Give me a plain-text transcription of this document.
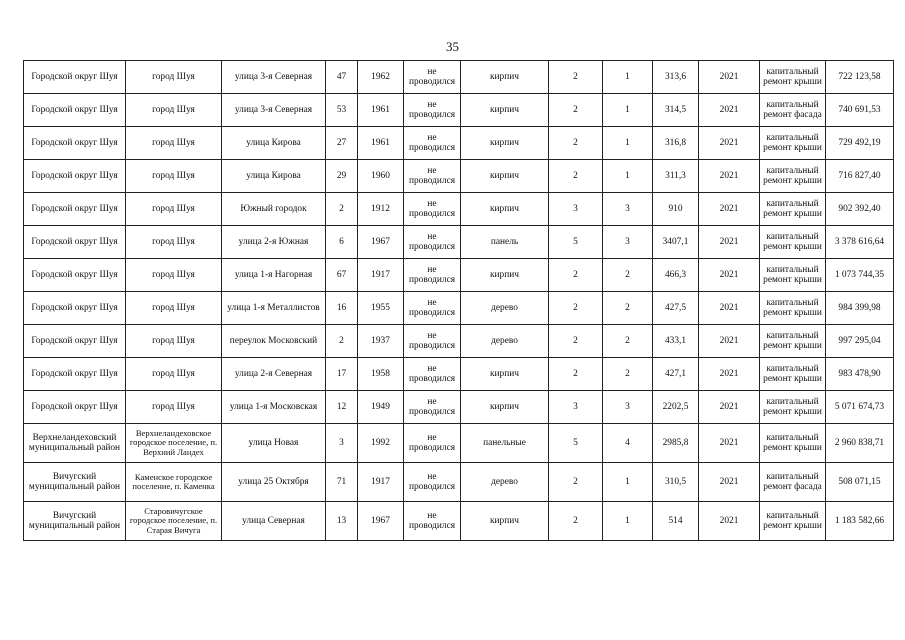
35
Городской округ Шуя	город Шуя	улица 3-я Северная	47	1962	не проводился	кирпич	2	1	313,6	2021	капитальный ремонт крыши	722 123,58
Городской округ Шуя	город Шуя	улица 3-я Северная	53	1961	не проводился	кирпич	2	1	314,5	2021	капитальный ремонт фасада	740 691,53
Городской округ Шуя	город Шуя	улица Кирова	27	1961	не проводился	кирпич	2	1	316,8	2021	капитальный ремонт крыши	729 492,19
Городской округ Шуя	город Шуя	улица Кирова	29	1960	не проводился	кирпич	2	1	311,3	2021	капитальный ремонт крыши	716 827,40
Городской округ Шуя	город Шуя	Южный городок	2	1912	не проводился	кирпич	3	3	910	2021	капитальный ремонт крыши	902 392,40
Городской округ Шуя	город Шуя	улица 2-я Южная	6	1967	не проводился	панель	5	3	3407,1	2021	капитальный ремонт крыши	3 378 616,64
Городской округ Шуя	город Шуя	улица 1-я Нагорная	67	1917	не проводился	кирпич	2	2	466,3	2021	капитальный ремонт крыши	1 073 744,35
Городской округ Шуя	город Шуя	улица 1-я Металлистов	16	1955	не проводился	дерево	2	2	427,5	2021	капитальный ремонт крыши	984 399,98
Городской округ Шуя	город Шуя	переулок Московский	2	1937	не проводился	дерево	2	2	433,1	2021	капитальный ремонт крыши	997 295,04
Городской округ Шуя	город Шуя	улица 2-я Северная	17	1958	не проводился	кирпич	2	2	427,1	2021	капитальный ремонт крыши	983 478,90
Городской округ Шуя	город Шуя	улица 1-я Московская	12	1949	не проводился	кирпич	3	3	2202,5	2021	капитальный ремонт крыши	5 071 674,73
Верхнеландеховский муниципальный район	Верхнеландеховское городское поселение, п. Верхний Ландех	улица Новая	3	1992	не проводился	панельные	5	4	2985,8	2021	капитальный ремонт крыши	2 960 838,71
Вичугский муниципальный район	Каменское городское поселение, п. Каменка	улица 25 Октября	71	1917	не проводился	дерево	2	1	310,5	2021	капитальный ремонт фасада	508 071,15
Вичугский муниципальный район	Старовичугское городское поселение, п. Старая Вичуга	улица Северная	13	1967	не проводился	кирпич	2	1	514	2021	капитальный ремонт крыши	1 183 582,66
